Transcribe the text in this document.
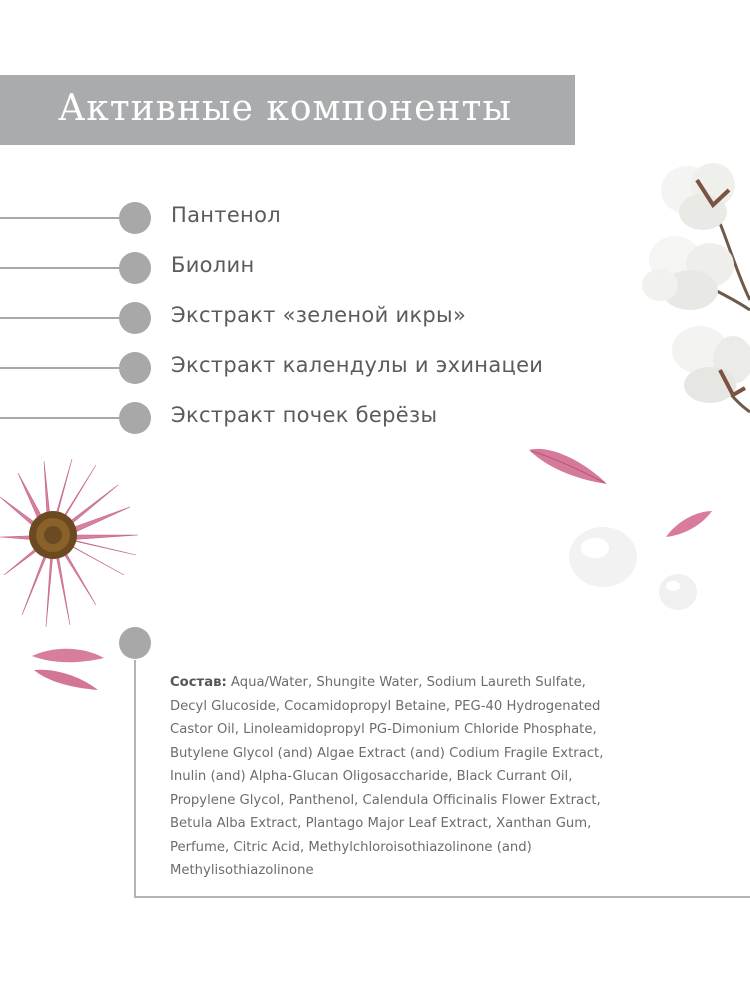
Активные компоненты
Пантенол
Биолин
Экстракт «зеленой икры»
Экстракт календулы и эхинацеи
Экстракт почек берёзы
Состав: Aqua/Water, Shungite Water, Sodium Laureth Sulfate,
Decyl Glucoside, Cocamidopropyl Betaine, PEG-40 Hydrogenated
Castor Oil, Linoleamidopropyl PG-Dimonium Chloride Phosphate,
Butylene Glycol (and) Algae Extract (and) Codium Fragile Extract,
Inulin (and) Alpha-Glucan Oligosaccharide, Black Currant Oil,
Propylene Glycol, Panthenol, Calendula Officinalis Flower Extract,
Betula Alba Extract, Plantago Major Leaf Extract, Xanthan Gum,
Perfume, Citric Acid, Methylchloroisothiazolinone (and)
Methylisothiazolinone
